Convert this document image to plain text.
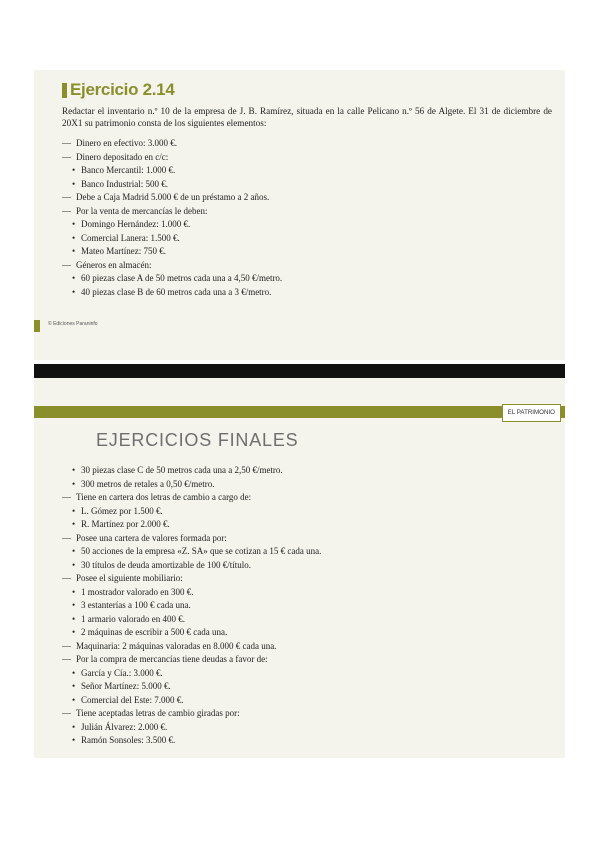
Ejercicio 2.14

Redactar el inventario n.º 10 de la empresa de J. B. Ramírez, situada en la calle Pelicano n.º 56 de Algete. El 31 de diciembre de 20X1 su patrimonio consta de los siguientes elementos:

— Dinero en efectivo: 3.000 €.
— Dinero depositado en c/c:
• Banco Mercantil: 1.000 €.
• Banco Industrial: 500 €.
— Debe a Caja Madrid 5.000 € de un préstamo a 2 años.
— Por la venta de mercancías le deben:
• Domingo Hernández: 1.000 €.
• Comercial Lanera: 1.500 €.
• Mateo Martínez: 750 €.
— Géneros en almacén:
• 60 piezas clase A de 50 metros cada una a 4,50 €/metro.
• 40 piezas clase B de 60 metros cada una a 3 €/metro.
© Ediciones Paraninfo
EL PATRIMONIO
EJERCICIOS FINALES
• 30 piezas clase C de 50 metros cada una a 2,50 €/metro.
• 300 metros de retales a 0,50 €/metro.
— Tiene en cartera dos letras de cambio a cargo de:
• L. Gómez por 1.500 €.
• R. Martínez por 2.000 €.
— Posee una cartera de valores formada por:
• 50 acciones de la empresa «Z. SA» que se cotizan a 15 € cada una.
• 30 títulos de deuda amortizable de 100 €/título.
— Posee el siguiente mobiliario:
• 1 mostrador valorado en 300 €.
• 3 estanterías a 100 € cada una.
• 1 armario valorado en 400 €.
• 2 máquinas de escribir a 500 € cada una.
— Maquinaria: 2 máquinas valoradas en 8.000 € cada una.
— Por la compra de mercancías tiene deudas a favor de:
• García y Cía.: 3.000 €.
• Señor Martínez: 5.000 €.
• Comercial del Este: 7.000 €.
— Tiene aceptadas letras de cambio giradas por:
• Julián Álvarez: 2.000 €.
• Ramón Sonsoles: 3.500 €.
